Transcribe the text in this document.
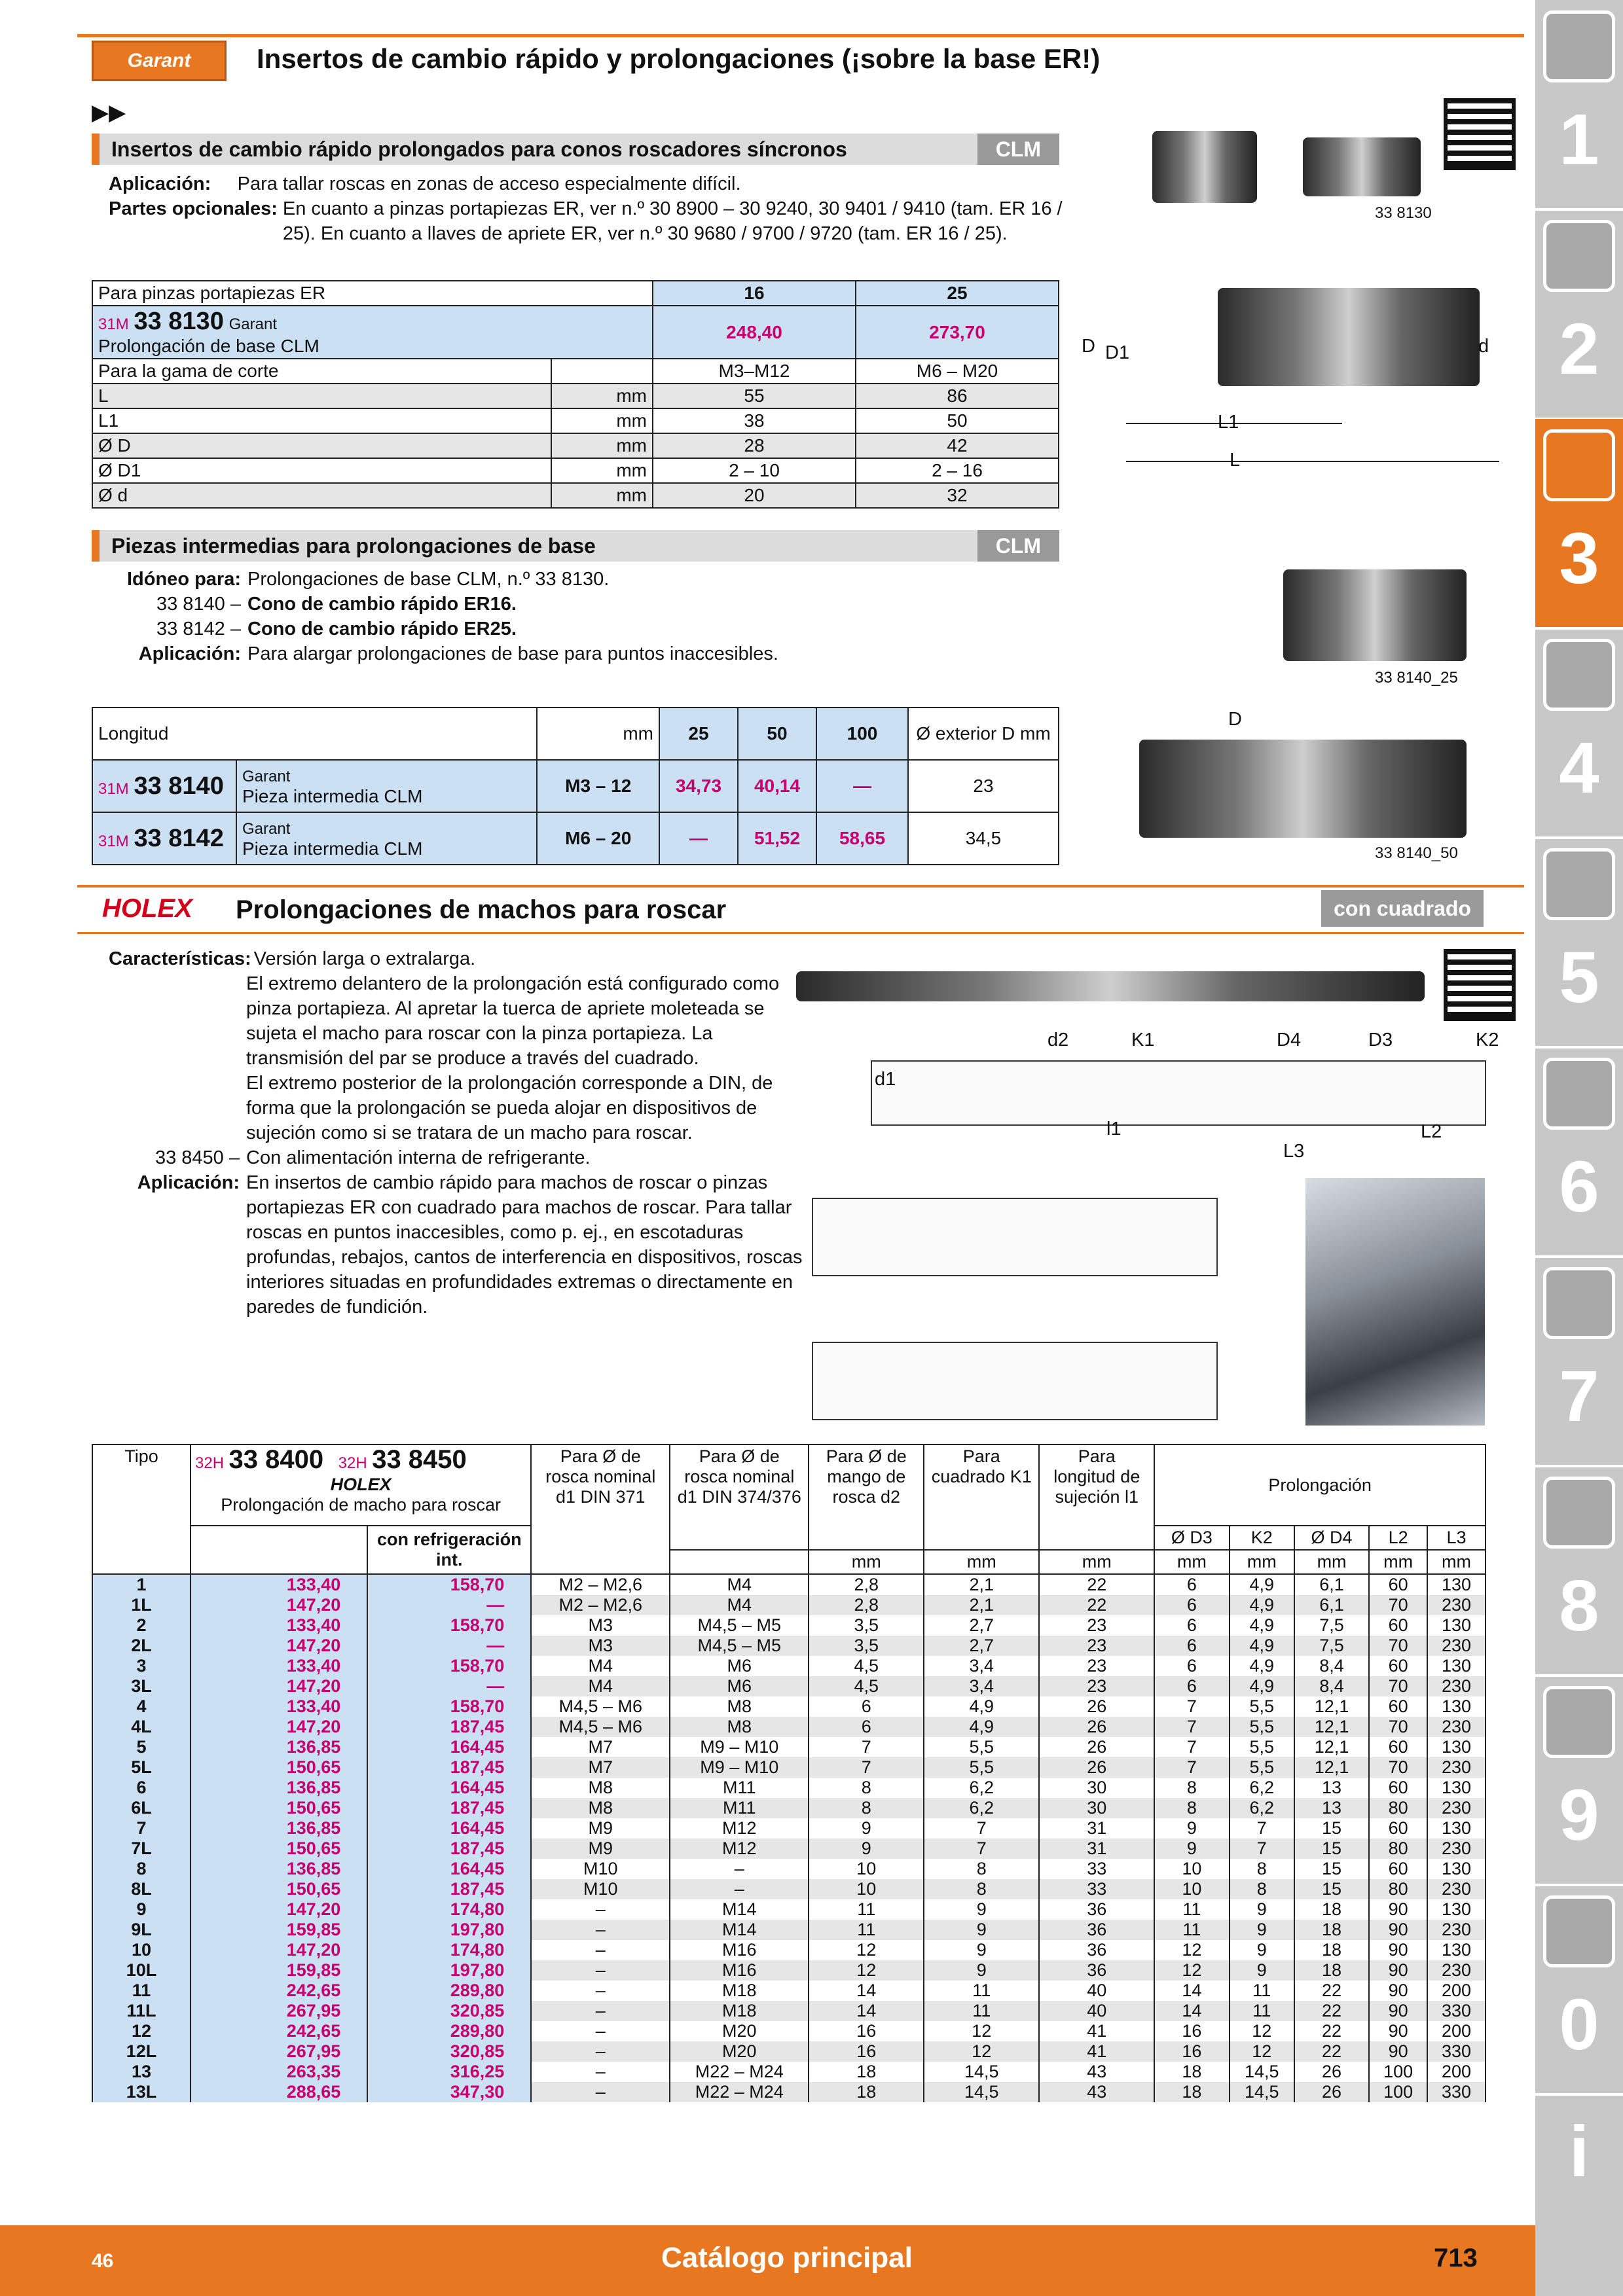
Garant	Insertos de cambio rápido y prolongaciones (¡sobre la base ER!)
▶▶
Insertos de cambio rápido prolongados para conos roscadores síncronos	CLM
Aplicación: Para tallar roscas en zonas de acceso especialmente difícil.
Partes opcionales: En cuanto a pinzas portapiezas ER, ver n.º 30 8900 – 30 9240, 30 9401 / 9410 (tam. ER 16 / 25). En cuanto a llaves de apriete ER, ver n.º 30 9680 / 9700 / 9720 (tam. ER 16 / 25).
33 8130
Para pinzas portapiezas ER		16	25
31M 33 8130 Garant
Prolongación de base CLM		248,40	273,70
Para la gama de corte		M3–M12	M6 – M20
L	mm	55	86
L1	mm	38	50
Ø D	mm	28	42
Ø D1	mm	2 – 10	2 – 16
Ø d	mm	20	32
D D1	d
L1
L
Piezas intermedias para prolongaciones de base	CLM
Idóneo para: Prolongaciones de base CLM, n.º 33 8130.
33 8140 – Cono de cambio rápido ER16.
33 8142 – Cono de cambio rápido ER25.
Aplicación: Para alargar prolongaciones de base para puntos inaccesibles.
33 8140_25
D
33 8140_50
Longitud		mm	25	50	100	Ø exterior D mm
31M 33 8140	Garant
Pieza intermedia CLM	M3 – 12	34,73	40,14	—	23
31M 33 8142	Garant
Pieza intermedia CLM	M6 – 20	—	51,52	58,65	34,5
HOLEX Prolongaciones de machos para roscar	con cuadrado
Características: Versión larga o extralarga.
El extremo delantero de la prolongación está configurado como pinza portapieza. Al apretar la tuerca de apriete moleteada se sujeta el macho para roscar con la pinza portapieza. La transmisión del par se produce a través del cuadrado.
El extremo posterior de la prolongación corresponde a DIN, de forma que la prolongación se pueda alojar en dispositivos de sujeción como si se tratara de un macho para roscar.
33 8450 – Con alimentación interna de refrigerante.
Aplicación: En insertos de cambio rápido para machos de roscar o pinzas portapiezas ER con cuadrado para machos de roscar. Para tallar roscas en puntos inaccesibles, como p. ej., en escotaduras profundas, rebajos, cantos de interferencia en dispositivos, roscas interiores situadas en profundidades extremas o directamente en paredes de fundición.
d2	K1	D4	D3	K2
d1
l1	L2
L3
Tipo	32H 33 8400 32H 33 8450

HOLEX
Prolongación de macho para roscar		Para Ø de rosca nominal d1 DIN 371	Para Ø de rosca nominal d1 DIN 374/376	Para Ø de mango de rosca d2	Para cuadrado K1	Para longitud de sujeción l1	Prolongación				
		con refrigeración int.						Ø D3	K2	Ø D4	L2	L3
					mm	mm	mm	mm	mm	mm	mm	mm
1	133,40	158,70	M2 – M2,6	M4	2,8	2,1	22	6	4,9	6,1	60	130
1L	147,20	—	M2 – M2,6	M4	2,8	2,1	22	6	4,9	6,1	70	230
2	133,40	158,70	M3	M4,5 – M5	3,5	2,7	23	6	4,9	7,5	60	130
2L	147,20	—	M3	M4,5 – M5	3,5	2,7	23	6	4,9	7,5	70	230
3	133,40	158,70	M4	M6	4,5	3,4	23	6	4,9	8,4	60	130
3L	147,20	—	M4	M6	4,5	3,4	23	6	4,9	8,4	70	230
4	133,40	158,70	M4,5 – M6	M8	6	4,9	26	7	5,5	12,1	60	130
4L	147,20	187,45	M4,5 – M6	M8	6	4,9	26	7	5,5	12,1	70	230
5	136,85	164,45	M7	M9 – M10	7	5,5	26	7	5,5	12,1	60	130
5L	150,65	187,45	M7	M9 – M10	7	5,5	26	7	5,5	12,1	70	230
6	136,85	164,45	M8	M11	8	6,2	30	8	6,2	13	60	130
6L	150,65	187,45	M8	M11	8	6,2	30	8	6,2	13	80	230
7	136,85	164,45	M9	M12	9	7	31	9	7	15	60	130
7L	150,65	187,45	M9	M12	9	7	31	9	7	15	80	230
8	136,85	164,45	M10	–	10	8	33	10	8	15	60	130
8L	150,65	187,45	M10	–	10	8	33	10	8	15	80	230
9	147,20	174,80	–	M14	11	9	36	11	9	18	90	130
9L	159,85	197,80	–	M14	11	9	36	11	9	18	90	230
10	147,20	174,80	–	M16	12	9	36	12	9	18	90	130
10L	159,85	197,80	–	M16	12	9	36	12	9	18	90	230
11	242,65	289,80	–	M18	14	11	40	14	11	22	90	200
11L	267,95	320,85	–	M18	14	11	40	14	11	22	90	330
12	242,65	289,80	–	M20	16	12	41	16	12	22	90	200
12L	267,95	320,85	–	M20	16	12	41	16	12	22	90	330
13	263,35	316,25	–	M22 – M24	18	14,5	43	18	14,5	26	100	200
13L	288,65	347,30	–	M22 – M24	18	14,5	43	18	14,5	26	100	330
1
2
3
4
5
6
7
8
9
0
i
46	Catálogo principal	713
